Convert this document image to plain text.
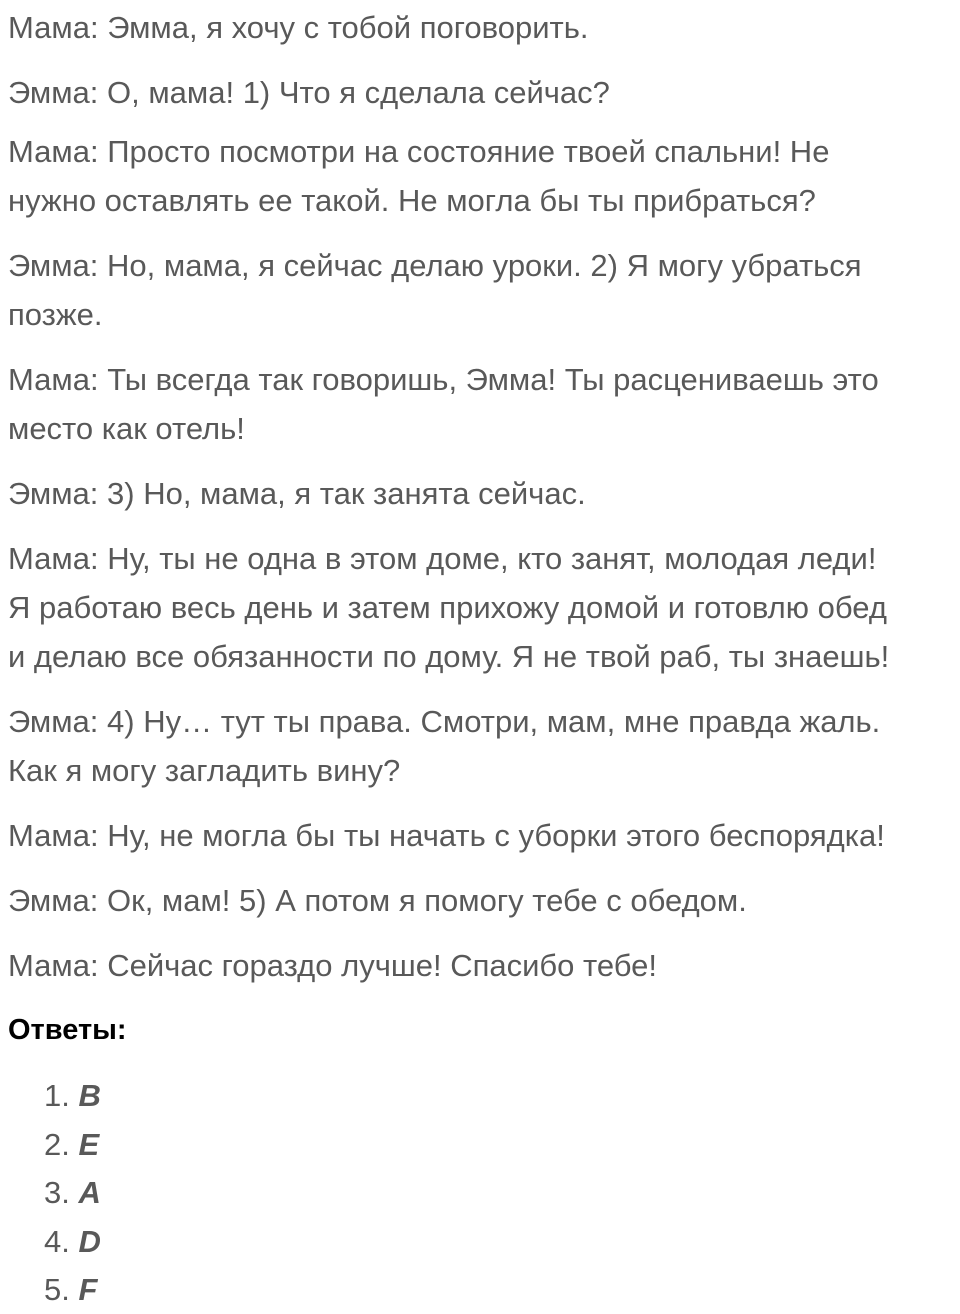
Мама: Эмма, я хочу с тобой поговорить.

Эмма: О, мама! 1) Что я сделала сейчас?

Мама: Просто посмотри на состояние твоей спальни! Не

нужно оставлять ее такой. Не могла бы ты прибраться?

Эмма: Но, мама, я сейчас делаю уроки. 2) Я могу убраться

позже.

Мама: Ты всегда так говоришь, Эмма! Ты расцениваешь это

место как отель!

Эмма: 3) Но, мама, я так занята сейчас.

Мама: Ну, ты не одна в этом доме, кто занят, молодая леди!

Я работаю весь день и затем прихожу домой и готовлю обед

и делаю все обязанности по дому. Я не твой раб, ты знаешь!

Эмма: 4) Ну… тут ты права. Смотри, мам, мне правда жаль.

Как я могу загладить вину?

Мама: Ну, не могла бы ты начать с уборки этого беспорядка!

Эмма: Ок, мам! 5) А потом я помогу тебе с обедом.

Мама: Сейчас гораздо лучше! Спасибо тебе!

Ответы:
1. B
2. E
3. A
4. D
5. F
